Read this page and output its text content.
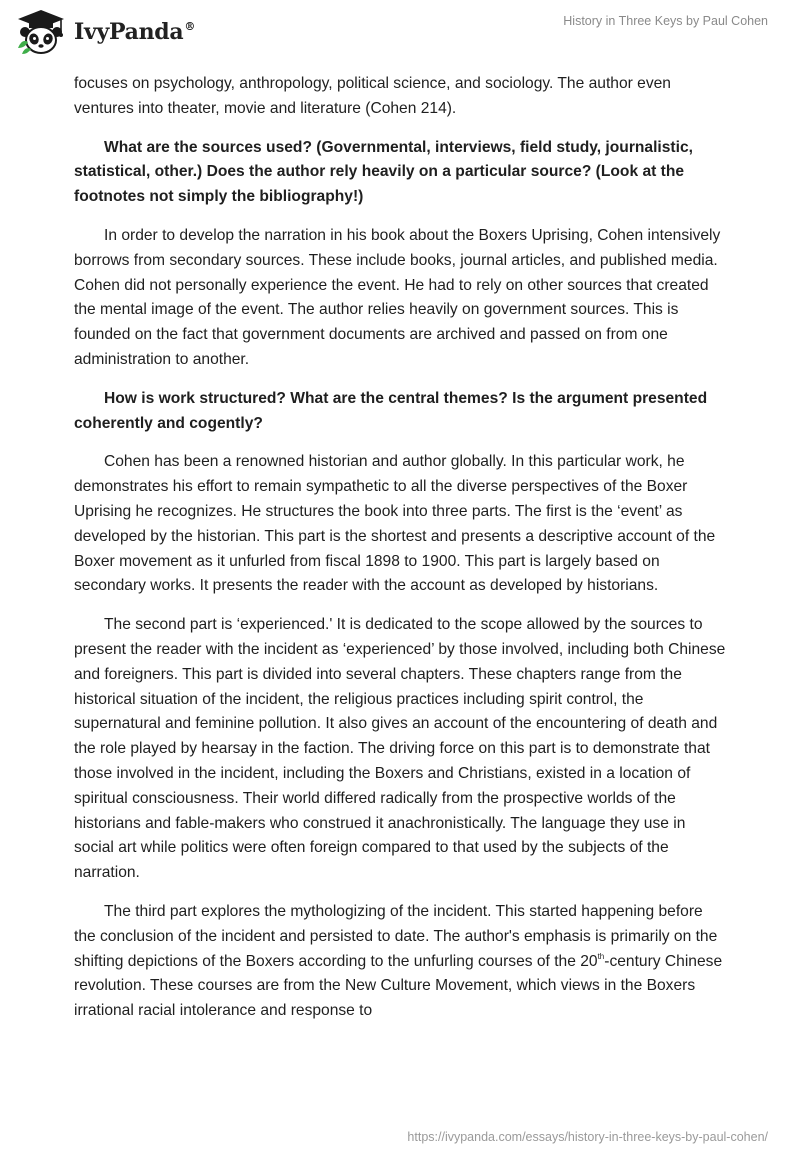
IvyPanda®	History in Three Keys by Paul Cohen

focuses on psychology, anthropology, political science, and sociology. The author even ventures into theater, movie and literature (Cohen 214).

What are the sources used? (Governmental, interviews, field study, journalistic, statistical, other.) Does the author rely heavily on a particular source? (Look at the footnotes not simply the bibliography!)

In order to develop the narration in his book about the Boxers Uprising, Cohen intensively borrows from secondary sources. These include books, journal articles, and published media. Cohen did not personally experience the event. He had to rely on other sources that created the mental image of the event. The author relies heavily on government sources. This is founded on the fact that government documents are archived and passed on from one administration to another.

How is work structured? What are the central themes? Is the argument presented coherently and cogently?

Cohen has been a renowned historian and author globally. In this particular work, he demonstrates his effort to remain sympathetic to all the diverse perspectives of the Boxer Uprising he recognizes. He structures the book into three parts. The first is the ‘event’ as developed by the historian. This part is the shortest and presents a descriptive account of the Boxer movement as it unfurled from fiscal 1898 to 1900. This part is largely based on secondary works. It presents the reader with the account as developed by historians.

The second part is ‘experienced.' It is dedicated to the scope allowed by the sources to present the reader with the incident as ‘experienced’ by those involved, including both Chinese and foreigners. This part is divided into several chapters. These chapters range from the historical situation of the incident, the religious practices including spirit control, the supernatural and feminine pollution. It also gives an account of the encountering of death and the role played by hearsay in the faction. The driving force on this part is to demonstrate that those involved in the incident, including the Boxers and Christians, existed in a location of spiritual consciousness. Their world differed radically from the prospective worlds of the historians and fable-makers who construed it anachronistically. The language they use in social art while politics were often foreign compared to that used by the subjects of the narration.

The third part explores the mythologizing of the incident. This started happening before the conclusion of the incident and persisted to date. The author's emphasis is primarily on the shifting depictions of the Boxers according to the unfurling courses of the 20th-century Chinese revolution. These courses are from the New Culture Movement, which views in the Boxers irrational racial intolerance and response to

https://ivypanda.com/essays/history-in-three-keys-by-paul-cohen/
